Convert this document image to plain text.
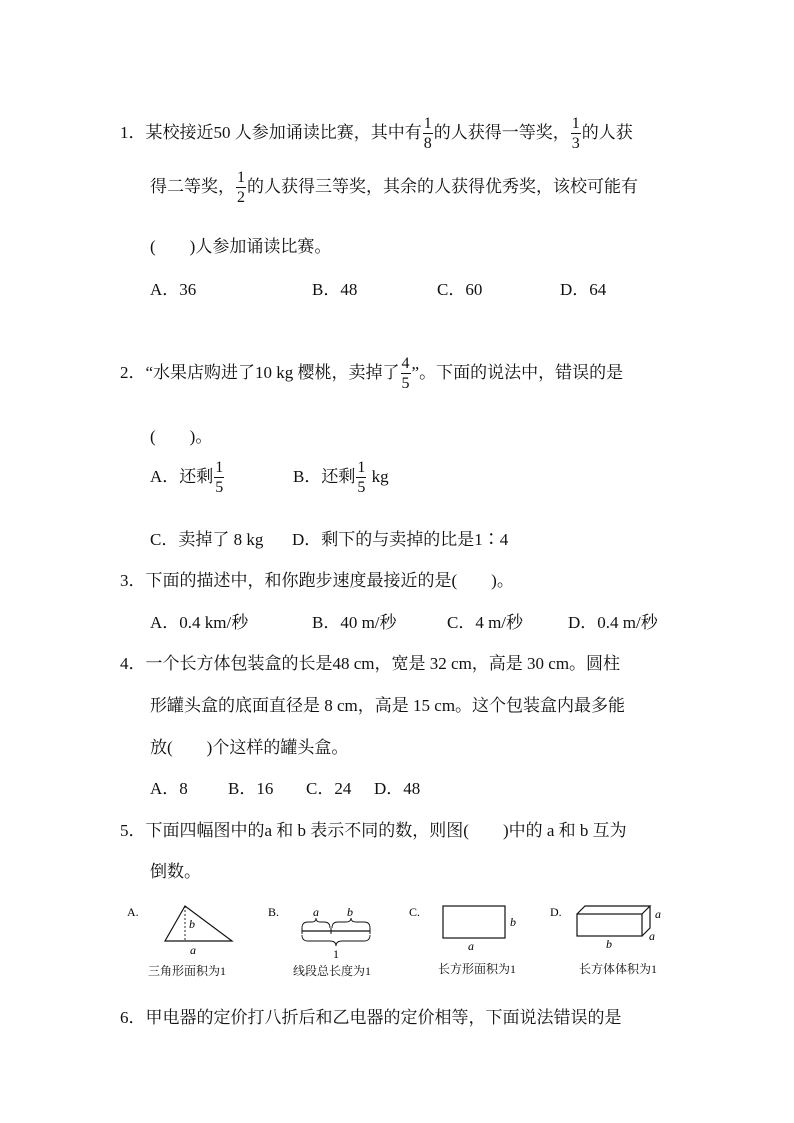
1．某校接近50 人参加诵读比赛，其中有 $\frac{1}{8}$ 的人获得一等奖， $\frac{1}{3}$ 的人获
得二等奖， $\frac{1}{2}$ 的人获得三等奖，其余的人获得优秀奖，该校可能有
(　　)人参加诵读比赛。
A．36	B．48	C．60	D．64
2．“水果店购进了10 kg 樱桃，卖掉了 $\frac{4}{5}$ ”。下面的说法中，错误的是
(　　)。
A．还剩 $\frac{1}{5}$	B．还剩 $\frac{1}{5}$ kg
C．卖掉了 8 kg D．剩下的与卖掉的比是1∶4
3．下面的描述中，和你跑步速度最接近的是(　　)。
A．0.4 km/秒	B．40 m/秒	C．4 m/秒	D．0.4 m/秒
4．一个长方体包装盒的长是48 cm，宽是 32 cm，高是 30 cm。圆柱
形罐头盒的底面直径是 8 cm，高是 15 cm。这个包装盒内最多能
放(　　)个这样的罐头盒。
A．8 B．16 C．24 D．48
5．下面四幅图中的a 和 b 表示不同的数，则图(　　)中的 a 和 b 互为
倒数。
A.
b
a
B.	a b
1
C.
b
a
D.	a
a
b
三角形面积为1	线段总长度为1	长方形面积为1	长方体体积为1
6．甲电器的定价打八折后和乙电器的定价相等，下面说法错误的是
